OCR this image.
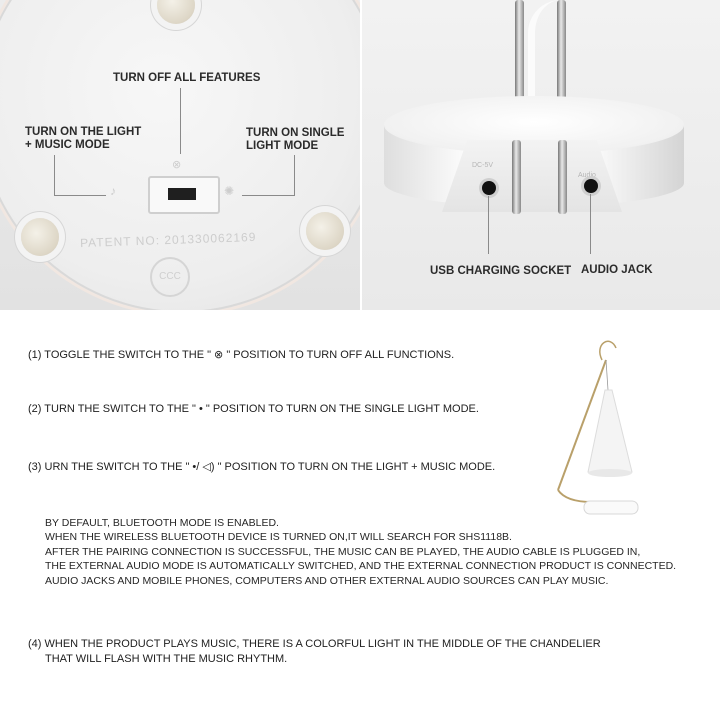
⊗
♪	✺
PATENT NO: 201330062169
CCC
TURN OFF ALL FEATURES
TURN ON THE LIGHT
+ MUSIC MODE
TURN ON SINGLE
LIGHT MODE
DC-5V
Audio
USB CHARGING SOCKET AUDIO JACK
(1) TOGGLE THE SWITCH TO THE " ⊗ " POSITION TO TURN OFF ALL FUNCTIONS.
(2) TURN THE SWITCH TO THE " • " POSITION TO TURN ON THE SINGLE LIGHT MODE.
(3) URN THE SWITCH TO THE " •/ ◁) " POSITION TO TURN ON THE LIGHT + MUSIC MODE.
BY DEFAULT, BLUETOOTH MODE IS ENABLED.
WHEN THE WIRELESS BLUETOOTH DEVICE IS TURNED ON,IT WILL SEARCH FOR SHS1118B.
AFTER THE PAIRING CONNECTION IS SUCCESSFUL, THE MUSIC CAN BE PLAYED, THE AUDIO CABLE IS PLUGGED IN,
THE EXTERNAL AUDIO MODE IS AUTOMATICALLY SWITCHED, AND THE EXTERNAL CONNECTION PRODUCT IS CONNECTED.
AUDIO JACKS AND MOBILE PHONES, COMPUTERS AND OTHER EXTERNAL AUDIO SOURCES CAN PLAY MUSIC.
(4) WHEN THE PRODUCT PLAYS MUSIC, THERE IS A COLORFUL LIGHT IN THE MIDDLE OF THE CHANDELIER
THAT WILL FLASH WITH THE MUSIC RHYTHM.
